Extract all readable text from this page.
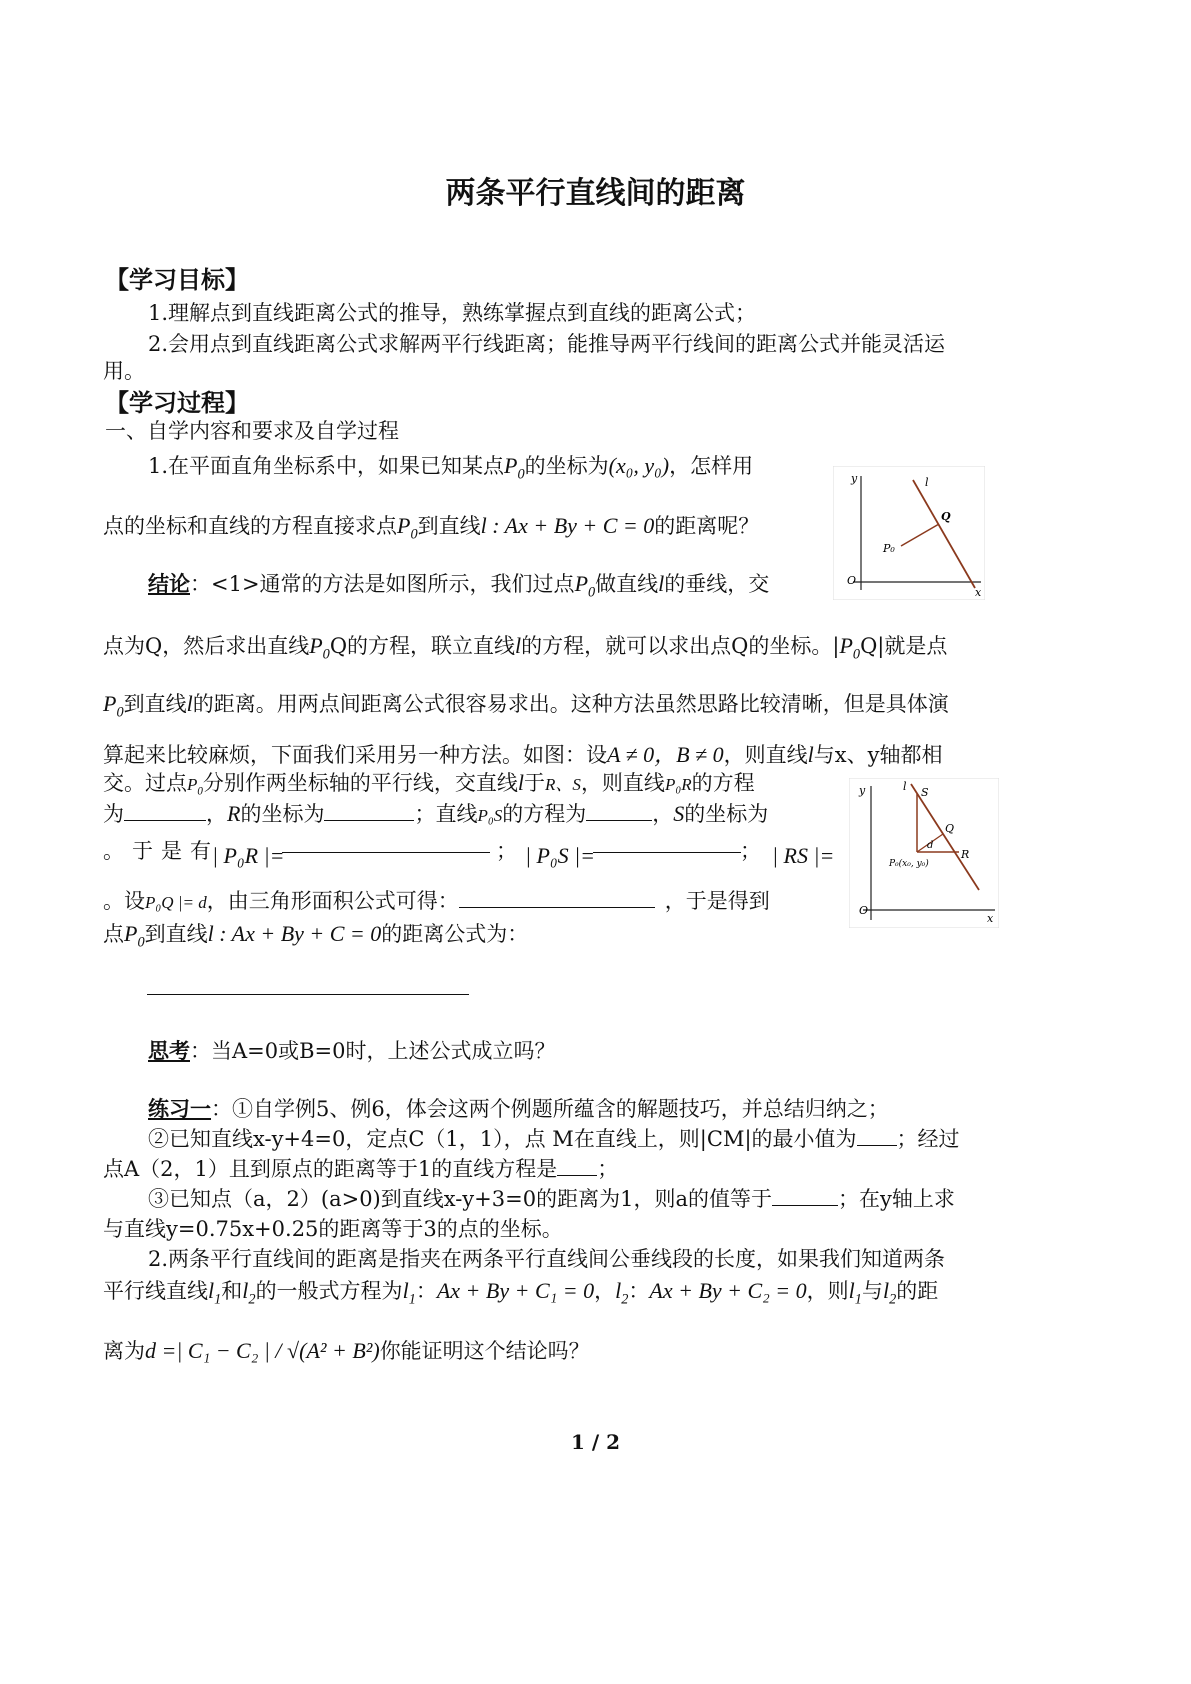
两条平行直线间的距离
【学习目标】
1.理解点到直线距离公式的推导，熟练掌握点到直线的距离公式；
2.会用点到直线距离公式求解两平行线距离；能推导两平行线间的距离公式并能灵活运
用。
【学习过程】
一、自学内容和要求及自学过程
1.在平面直角坐标系中，如果已知某点$P_0$的坐标为(x₀, y₀)，怎样用
点的坐标和直线的方程直接求点$P_0$到直线l : Ax + By + C = 0的距离呢？
y
x
O
l
Q
P₀
结论：<1>通常的方法是如图所示，我们过点$P_0$做直线l的垂线，交
点为Q，然后求出直线$P_0Q$的方程，联立直线l的方程，就可以求出点Q的坐标。$|P_0Q|$就是点
$P_0$到直线l的距离。用两点间距离公式很容易求出。这种方法虽然思路比较清晰，但是具体演
算起来比较麻烦，下面我们采用另一种方法。如图：设A ≠ 0，B ≠ 0，则直线l与x、y轴都相
交。过点$P_0$分别作两坐标轴的平行线，交直线l于R、S，则直线P₀R的方程
为	，R的坐标为	；直线P₀S的方程为	，S的坐标为
。于是有
| P₀R |=	； | P₀S |=	； | RS |=
。设P₀Q |= d，由三角形面积公式可得：	，于是得到
点$P_0$到直线l : Ax + By + C = 0的距离公式为：
y
x
O
l S
Q
d
R
P₀(x₀, y₀)
思考：当A=0或B=0时，上述公式成立吗？
练习一：①自学例5、例6，体会这两个例题所蕴含的解题技巧，并总结归纳之；
②已知直线x-y+4=0，定点C（1，1），点 M在直线上，则|CM|的最小值为 ；经过
点A（2，1）且到原点的距离等于1的直线方程是 ；
③已知点（a，2）(a>0)到直线x-y+3=0的距离为1，则a的值等于	；在y轴上求
与直线y=0.75x+0.25的距离等于3的点的坐标。
2.两条平行直线间的距离是指夹在两条平行直线间公垂线段的长度，如果我们知道两条
平行线直线$l_1$和$l_2$的一般式方程为$l_1$：Ax + By + C₁ = 0，$l_2$：Ax + By + C₂ = 0，则$l_1$与$l_2$的距
离为d =| C₁ − C₂ | / √(A² + B²)你能证明这个结论吗？
1 / 2
